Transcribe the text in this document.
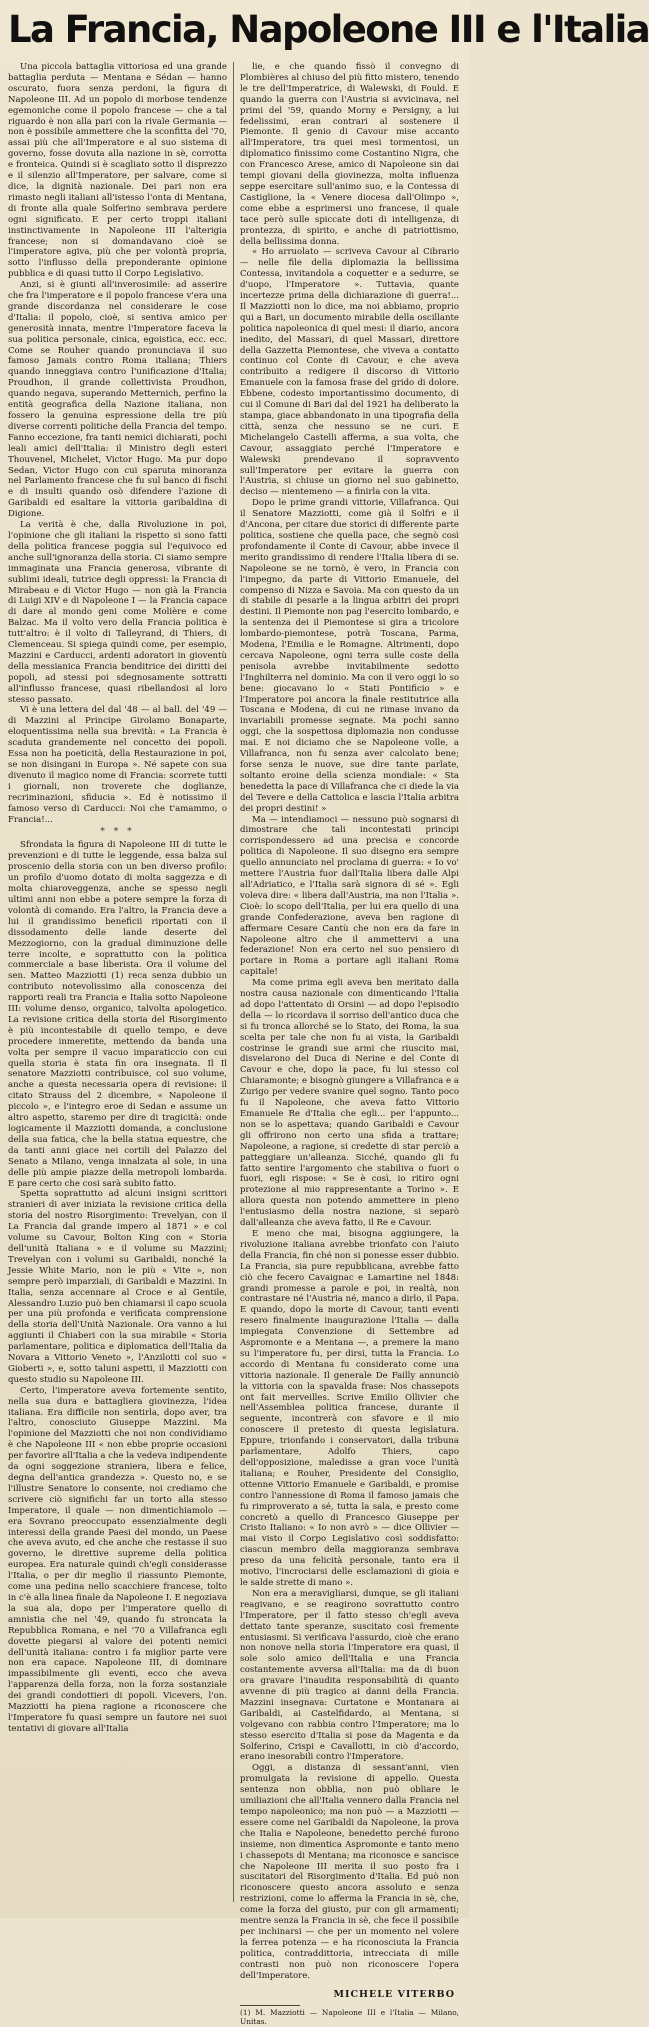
La Francia, Napoleone III e l'Italia

Una piccola battaglia vittoriosa ed una grande battaglia perduta — Mentana e Sédan — hanno oscurato, fuora senza perdoni, la figura di Napoleone III. Ad un popolo di morbose tendenze egemoniche come il popolo francese — che a tal riguardo è non alla pari con la rivale Germania — non è possibile ammettere che la sconfitta del '70, assai più che all'Imperatore e al suo sistema di governo, fosse dovuta alla nazione in sè, corrotta e fronteica. Quindi si è scagliato sotto il disprezzo e il silenzio all'Imperatore, per salvare, come si dice, la dignità nazionale. Dei pari non era rimasto negli italiani all'istesso l'onta di Mentana, di fronte alla quale Solferino sembrava perdere ogni significato. E per certo troppi italiani instinctivamente in Napoleone III l'alterigia francese; non si domandavano cioè se l'imperatore agiva, più che per volontà propria, sotto l'influsso della preponderante opinione pubblica e di quasi tutto il Corpo Legislativo.

Anzi, si è giunti all'inverosimile: ad asserire che fra l'imperatore e il popolo francese v'era una grande discordanza nel considerare le cose d'Italia: il popolo, cioè, si sentiva amico per generosità innata, mentre l'Imperatore faceva la sua politica personale, cinica, egoistica, ecc. ecc. Come se Rouher quando pronunciava il suo famoso Jamais contro Roma italiana; Thiers quando inneggiava contro l'unificazione d'Italia; Proudhon, il grande collettivista Proudhon, quando negava, superando Metternich, perfino la entità geografica della Nazione italiana, non fossero la genuina espressione della tre più diverse correnti politiche della Francia del tempo. Fanno eccezione, fra tanti nemici dichiarati, pochi leali amici dell'Italia: il Ministro degli esteri Thouvenel, Michelet, Victor Hugo. Ma pur dopo Sedan, Victor Hugo con cui sparuta minoranza nel Parlamento francese che fu sul banco di fischi e di insulti quando osò difendere l'azione di Garibaldi ed esaltare la vittoria garibaldina di Digione.

La verità è che, dalla Rivoluzione in poi, l'opinione che gli italiani la rispetto si sono fatti della politica francese poggia sul l'equivoco ed anche sull'ignoranza della storia. Ci siamo sempre immaginata una Francia generosa, vibrante di sublimi ideali, tutrice degli oppressi: la Francia di Mirabeau e di Victor Hugo — non già la Francia di Luigi XIV e di Napoleone I — la Francia capace di dare al mondo geni come Molière e come Balzac. Ma il volto vero della Francia politica è tutt'altro: è il volto di Talleyrand, di Thiers, di Clemenceau. Si spiega quindi come, per esempio, Mazzini e Carducci, ardenti adoratori in gioventù della messianica Francia benditrice dei diritti dei popoli, ad stessi poi sdegnosamente sottratti all'influsso francese, quasi ribellandosi al loro stesso passato.

Vi è una lettera del dal '48 — al ball. del '49 — di Mazzini al Principe Girolamo Bonaparte, eloquentissima nella sua brevità: « La Francia è scaduta grandemente nel concetto dei popoli. Essa non ha poeticità, della Restaurazione in poi, se non disingani in Europa ». Né sapete con sua divenuto il magico nome di Francia: scorrete tutti i giornali, non troverete che doglianze, recriminazioni, sfiducia ». Ed è notissimo il famoso verso di Carducci: Noi che t'amammo, o Francia!...

* * *

Sfrondata la figura di Napoleone III di tutte le prevenzioni e di tutte le leggende, essa balza sul proscenio della storia con un ben diverso profilo: un profilo d'uomo dotato di molta saggezza e di molta chiaroveggenza, anche se spesso negli ultimi anni non ebbe a potere sempre la forza di volontà di comando. Era l'altro, la Francia deve a lui il grandissimo beneficii riportati con il dissodamento delle lande deserte del Mezzogiorno, con la gradual diminuzione delle terre incolte, e soprattutto con la politica commerciale a base liberista. Ora il volume del sen. Matteo Mazziotti (1) reca senza dubbio un contributo notevolissimo alla conoscenza dei rapporti reali tra Francia e Italia sotto Napoleone III: volume denso, organico, talvolta apologetico. La revisione critica della storia del Risorgimento è più incontestabile di quello tempo, e deve procedere inmeretite, mettendo da banda una volta per sempre il vacuo imparaticcio con cui quella storia è stata fin ora insegnata. Il Il senatore Mazziotti contribuisce, col suo volume, anche a questa necessaria opera di revisione: il citato Strauss del 2 dicembre, « Napoleone il piccolo », e l'integro eroe di Sedan e assume un altro aspetto, staremo per dire di tragicità: onde logicamente il Mazziotti domanda, a conclusione della sua fatica, che la bella statua equestre, che da tanti anni giace nei cortili del Palazzo del Senato a Milano, venga innalzata al sole, in una delle più ampie piazze della metropoli lombarda. E pare certo che cosi sarà subito fatto.

Spetta soprattutto ad alcuni insigni scrittori stranieri di aver iniziata la revisione critica della storia del nostro Risorgimento: Trevelyan, con il La Francia dal grande impero al 1871 » e col volume su Cavour, Bolton King con « Storia dell'unità Italiana » e il volume su Mazzini; Trevelyan con i volumi su Garibaldi, nonché la Jessie White Mario, non le più « Vite », non sempre però imparziali, di Garibaldi e Mazzini. In Italia, senza accennare al Croce e al Gentile, Alessandro Luzio può ben chiamarsi il capo scuola per una più profonda e verificata comprensione della storia dell'Unità Nazionale. Ora vanno a lui aggiunti il Chiaberi con la sua mirabile « Storia parlamentare, politica e diplomatica dell'Italia da Novara a Vittorio Veneto », l'Anzilotti col suo « Gioberti », e, sotto taluni aspetti, il Mazziotti con questo studio su Napoleone III.

Certo, l'imperatore aveva fortemente sentito, nella sua dura e battagliera giovinezza, l'idea italiana. Era difficile non sentirla, dopo aver, tra l'altro, conosciuto Giuseppe Mazzini. Ma l'opinione del Mazziotti che noi non condividiamo è che Napoleone III « non ebbe proprie occasioni per favorire all'Italia a che la vedeva indipendente da ogni soggezione straniera, libera e felice, degna dell'antica grandezza ». Questo no, e se l'illustre Senatore lo consente, noi crediamo che scrivere ciò significhi far un torto alla stesso Imperatore, il quale — non dimentichiamolo — era Sovrano preoccupato essenzialmente degli interessi della grande Paesi del mondo, un Paese che aveva avuto, ed che anche che restasse il suo governo, le direttive supreme della politica europea. Era naturale quindi ch'egli considerasse l'Italia, o per dir meglio il riassunto Piemonte, come una pedina nello scacchiere francese, tolto in c'è alla linea finale da Napoleone I. E negoziava la sua ala, dopo per l'imperatore quello di amnistia che nel '49, quando fu stroncata la Repubblica Romana, e nel '70 a Villafranca egli dovette piegarsi al valore dei potenti nemici dell'unità italiana: contro i fa miglior parte vere non era capace. Napoleone III, di dominare impassibilmente gli eventi, ecco che aveva l'apparenza della forza, non la forza sostanziale dei grandi condottieri di popoli. Vicevers, l'on. Mazziotti ha piena ragione a riconoscere che l'Imperatore fu quasi sempre un fautore nei suoi tentativi di giovare all'Italia

lie, e che quando fissò il convegno di Plombières al chiuso del più fitto mistero, tenendo le tre dell'Imperatrice, di Walewski, di Fould. E quando la guerra con l'Austria si avvicinava, nel primi del '59, quando Morny e Persigny, a lui fedelissimi, eran contrari al sostenere il Piemonte. Il genio di Cavour mise accanto all'Imperatore, tra quei mesi tormentosi, un diplomatico finissimo come Costantino Nigra, che con Francesco Arese, amico di Napoleone sin dai tempi giovani della giovinezza, molta influenza seppe esercitare sull'animo suo, e la Contessa di Castiglione, la « Venere diocesa dall'Olimpo », come ebbe a esprimersi uno francese, il quale tace però sulle spiccate doti di intelligenza, di prontezza, di spirito, e anche di patriottismo, della bellissima donna.

« Ho arruolato — scriveva Cavour al Cibrario — nelle file della diplomazia la bellissima Contessa, invitandola a coquetter e a sedurre, se d'uopo, l'Imperatore ». Tuttavia, quante incertezze prima della dichiarazione di guerra!... Il Mazziotti non lo dice, ma noi abbiamo, proprio qui a Bari, un documento mirabile della oscillante politica napoleonica di quel mesi: il diario, ancora inedito, del Massari, di quel Massari, direttore della Gazzetta Piemontese, che viveva a contatto continuo col Conte di Cavour, e che aveva contribuito a redigere il discorso di Vittorio Emanuele con la famosa frase del grido di dolore. Ebbene, codesto importantissimo documento, di cui il Comune di Bari dal del 1921 ha deliberato la stampa, giace abbandonato in una tipografia della città, senza che nessuno se ne curi. E Michelangelo Castelli afferma, a sua volta, che Cavour, assaggiato perché l'Imperatore e Walewski prendevano il sopravvento sull'Imperatore per evitare la guerra con l'Austria, si chiuse un giorno nel suo gabinetto, deciso — nientemeno — a finirla con la vita.

Dopo le prime grandi vittorie, Villafranca. Qui il Senatore Mazziotti, come già il Solfri e il d'Ancona, per citare due storici di differente parte politica, sostiene che quella pace, che segnò così profondamente il Conte di Cavour, abbe invece il merito grandissimo di rendere l'Italia libera di se. Napoleone se ne tornò, è vero, in Francia con l'impegno, da parte di Vittorio Emanuele, del compenso di Nizza e Savoia. Ma con questo da un di stabile di pesarle a la lingua arbitri dei propri destini. Il Piemonte non pag l'esercito lombardo, e la sentenza dei il Piemontese si gira a tricolore lombardo-piemontese, potrà Toscana, Parma, Modena, l'Emilia e le Romagne. Altrimenti, dopo cercava Napoleone, ogni terra sulle coste della penisola avrebbe invitabilmente sedotto l'Inghilterra nel dominio. Ma con il vero oggi lo so bene: giocavano lo « Stati Pontificio » e l'Imperatore poi ancora la finale restitutrice alla Toscana e Modena, di cui ne rimase invano da invariabili promesse segnate. Ma pochi sanno oggi, che la sospettosa diplomazia non condusse mai. E noi diciamo che se Napoleone volle, a Villafranca, non fu senza aver calcolato bene; forse senza le nuove, sue dire tante parlate, soltanto eroine della scienza mondiale: « Sta benedetta la pace di Villafranca che ci diede la via del Tevere e della Cattolica e lascia l'Italia arbitra dei propri destini! »

Ma — intendiamoci — nessuno può sognarsi di dimostrare che tali incontestati principi corrispondessero ad una precisa e concorde politica di Napoleone. Il suo disegno era sempre quello annunciato nel proclama di guerra: « Io vo' mettere l'Austria fuor dall'Italia libera dalle Alpi all'Adriatico, e l'Italia sarà signora di sé ». Egli voleva dire: « libera dall'Austria, ma non l'Italia ». Cioè: lo scopo dell'Italia, per lui era quello di una grande Confederazione, aveva ben ragione di affermare Cesare Cantù che non era da fare in Napoleone altro che il ammettervi a una federazione! Non era certo nel suo pensiero di portare in Roma a portare agli italiani Roma capitale!

Ma come prima egli aveva ben meritato dalla nostra causa nazionale con dimenticando l'Italia ad dopo l'attentato di Orsini — ad dopo l'episodio della — lo ricordava il sorriso dell'antico duca che si fu tronca allorché se lo Stato, dei Roma, la sua scelta per tale che non fu ai vista, la Garibaldi costrinse le grandi sue armi che riuscito mai, disvelarono del Duca di Nerine e del Conte di Cavour e che, dopo la pace, fu lui stesso col Chiaramonte; e bisognò giungere a Villafranca e a Zurigo per vedere svanire quel sogno. Tanto poco fu il Napoleone, che aveva fatto Vittorio Emanuele Re d'Italia che egli... per l'appunto... non se lo aspettava; quando Garibaldi e Cavour gli offrirono non certo una sfida a trattare; Napoleone, a ragione, si credette di star perciò a patteggiare un'alleanza. Sicché, quando gli fu fatto sentire l'argomento che stabiliva o fuori o fuori, egli rispose: « Se è così, io ritiro ogni protezione al mio rappresentante a Torino ». E allora questa non potendo ammettere in pieno l'entusiasmo della nostra nazione, si separò dall'alleanza che aveva fatto, il Re e Cavour.

E meno che mai, bisogna aggiungere, la rivoluzione italiana avrebbe trionfato con l'aiuto della Francia, fin ché non si ponesse esser dubbio. La Francia, sia pure repubblicana, avrebbe fatto ciò che fecero Cavaignac e Lamartine nel 1848: grandi promesse a parole e poi, in realtà, non contrastare né l'Austria né, manco a dirlo, il Papa. E quando, dopo la morte di Cavour, tanti eventi resero finalmente inaugurazione l'Italia — dalla impiegata Convenzione di Settembre ad Aspromonte e a Mentana —, a premere la mano su l'imperatore fu, per dirsi, tutta la Francia. Lo accordo di Mentana fu considerato come una vittoria nazionale. Il generale De Failly annunciò la vittoria con la spavalda frase: Nos chassepots ont fait merveilles. Scrive Emilio Ollivier che nell'Assemblea politica francese, durante il seguente, incontrerà con sfavore e il mio conoscere il pretesto di questa legislatura. Eppure, trionfando i conservatori, dalla tribuna parlamentare, Adolfo Thiers, capo dell'opposizione, maledisse a gran voce l'unità italiana; e Rouher, Presidente del Consiglio, ottenne Vittorio Emanuele e Garibaldi, e promise contro l'annessione di Roma il famoso jamais che fu rimproverato a sé, tutta la sala, e presto come concretò a quello di Francesco Giuseppe per Cristo Italiano: « Io non avrò » — dice Ollivier — mai visto il Corpo Legislativo così soddisfatto: ciascun membro della maggioranza sembrava preso da una felicità personale, tanto era il motivo, l'incrociarsi delle esclamazioni di gioia e le salde strette di mano ».

Non era a meravigliarsi, dunque, se gli italiani reagivano, e se reagirono sovrattutto contro l'Imperatore, per il fatto stesso ch'egli aveva dettato tante speranze, suscitato così fremente entusiasmi. Si verificava l'assurdo, cioè che erano non nonove nella storia l'Imperatore era quasi, il sole solo amico dell'Italia e una Francia costantemente avversa all'Italia: ma da di buon ora gravare l'inaudita responsabilità di quanto avvenne di più tragico ai danni della Francia. Mazzini insegnava: Curtatone e Montanara ai Garibaldi, ai Castelfidardo, ai Mentana, si volgevano con rabbia contro l'Imperatore; ma lo stesso esercito d'Italia si pose da Magenta e da Solferino, Crispi e Cavallotti, in ciò d'accordo, erano inesorabili contro l'Imperatore.

Oggi, a distanza di sessant'anni, vien promulgata la revisione di appello. Questa sentenza non obblia, non può obliare le umiliazioni che all'Italia vennero dalla Francia nel tempo napoleonico; ma non può — a Mazziotti — essere come nel Garibaldi da Napoleone, la prova che Italia e Napoleone, benedetto perché furono insieme, non dimentica Aspromonte e tanto meno i chassepots di Mentana; ma riconosce e sancisce che Napoleone III merita il suo posto fra i suscitatori del Risorgimento d'Italia. Ed può non riconoscere questo ancora assoluto e senza restrizioni, come lo afferma la Francia in sè, che, come la forza del giusto, pur con gli armamenti; mentre senza la Francia in sè, che fece il possibile per inchinarsi — che per un momento nel volere la ferrea potenza — e ha riconosciuta la Francia politica, contraddittoria, intrecciata di mille contrasti non può non riconoscere l'opera dell'Imperatore.

MICHELE VITERBO

(1) M. Mazziotti — Napoleone III e l'Italia — Milano, Unitas.
